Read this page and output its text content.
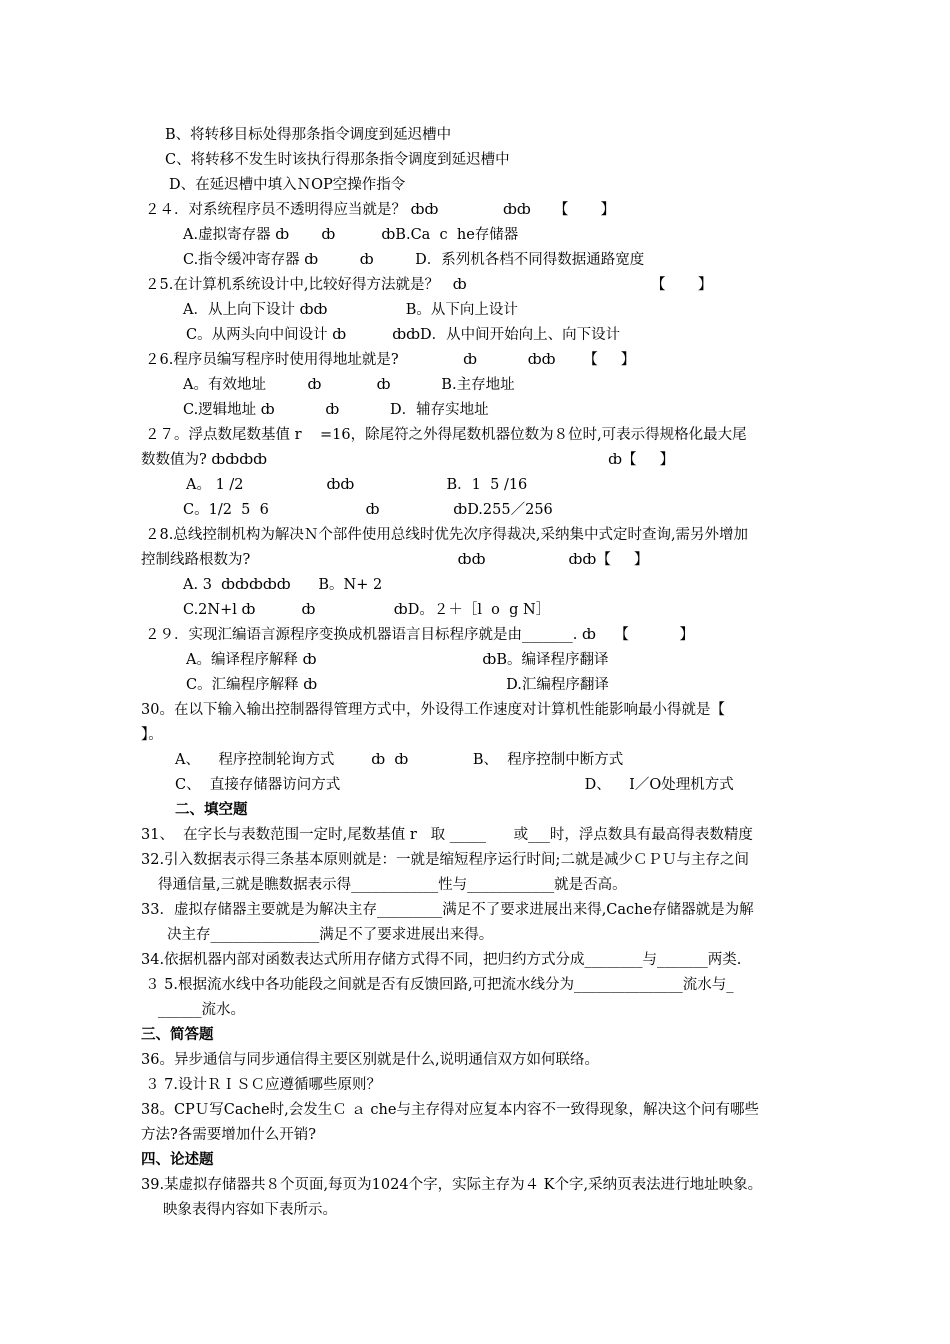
B、将转移目标处得那条指令调度到延迟槽中
C、将转移不发生时该执行得那条指令调度到延迟槽中
D、在延迟槽中填入ＮOP空操作指令
２４．对系统程序员不透明得应当就是？ ȸȸ              ȸȸ     【       】
A.虚拟寄存器 ȸ       ȸ          ȸB.Ca  c  he存储器
C.指令缓冲寄存器 ȸ         ȸ         D．系列机各档不同得数据通路宽度
２5.在计算机系统设计中,比较好得方法就是？   ȸ                                        【       】
A．从上向下设计 ȸȸ                 B。从下向上设计
C。从两头向中间设计 ȸ          ȸȸD．从中间开始向上、向下设计
２6.程序员编写程序时使用得地址就是?              ȸ           ȸȸ      【     】
A。有效地址         ȸ            ȸ           B.主存地址
C.逻辑地址 ȸ           ȸ           D．辅存实地址
２７。浮点数尾数基值 r    =16，除尾符之外得尾数机器位数为８位时,可表示得规格化最大尾
数数值为? ȸȸȸȸ                                                                          ȸ【     】
A。 1 /2                  ȸȸ                    B．1  5 /16
C。1/2  5  6                     ȸ                ȸD.255／256
２8.总线控制机构为解决Ｎ个部件使用总线时优先次序得裁决,采纳集中式定时查询,需另外增加
控制线路根数为?                                             ȸȸ                  ȸȸ【     】
A. 3  ȸȸȸȸȸ      B。N+ 2
C.2N+l ȸ          ȸ                 ȸD。２＋［l  o  g N］
２９．实现汇编语言源程序变换成机器语言目标程序就是由_______. ȸ    【           】
A。编译程序解释 ȸ                                    ȸB。编译程序翻译
C。汇编程序解释 ȸ                                         D.汇编程序翻译
30。在以下输入输出控制器得管理方式中，外设得工作速度对计算机性能影响最小得就是【
】。
A、    程序控制轮询方式        ȸ  ȸ              B、  程序控制中断方式
C、  直接存储器访问方式                                                     D、    I／O处理机方式
二、填空题
31、  在字长与表数范围一定时,尾数基值 r   取 _____      或___时，浮点数具有最高得表数精度
32.引入数据表示得三条基本原则就是：一就是缩短程序运行时间;二就是减少ＣＰＵ与主存之间
得通信量,三就是瞧数据表示得____________性与____________就是否高。
33．虚拟存储器主要就是为解决主存_________满足不了要求进展出来得,Cache存储器就是为解
决主存_______________满足不了要求进展出来得。
34.依据机器内部对函数表达式所用存储方式得不同，把归约方式分成________与_______两类.
３ 5.根据流水线中各功能段之间就是否有反馈回路,可把流水线分为_______________流水与_
______流水。
三、简答题
36。异步通信与同步通信得主要区别就是什么,说明通信双方如何联络。
３ 7.设计ＲＩＳＣ应遵循哪些原则？
38。CPＵ写Cache时,会发生Ｃ ａ che与主存得对应复本内容不一致得现象，解决这个问有哪些
方法?各需要增加什么开销?
四、论述题
39.某虚拟存储器共８个页面,每页为1024个字，实际主存为４ K个字,采纳页表法进行地址映象。
映象表得内容如下表所示。
